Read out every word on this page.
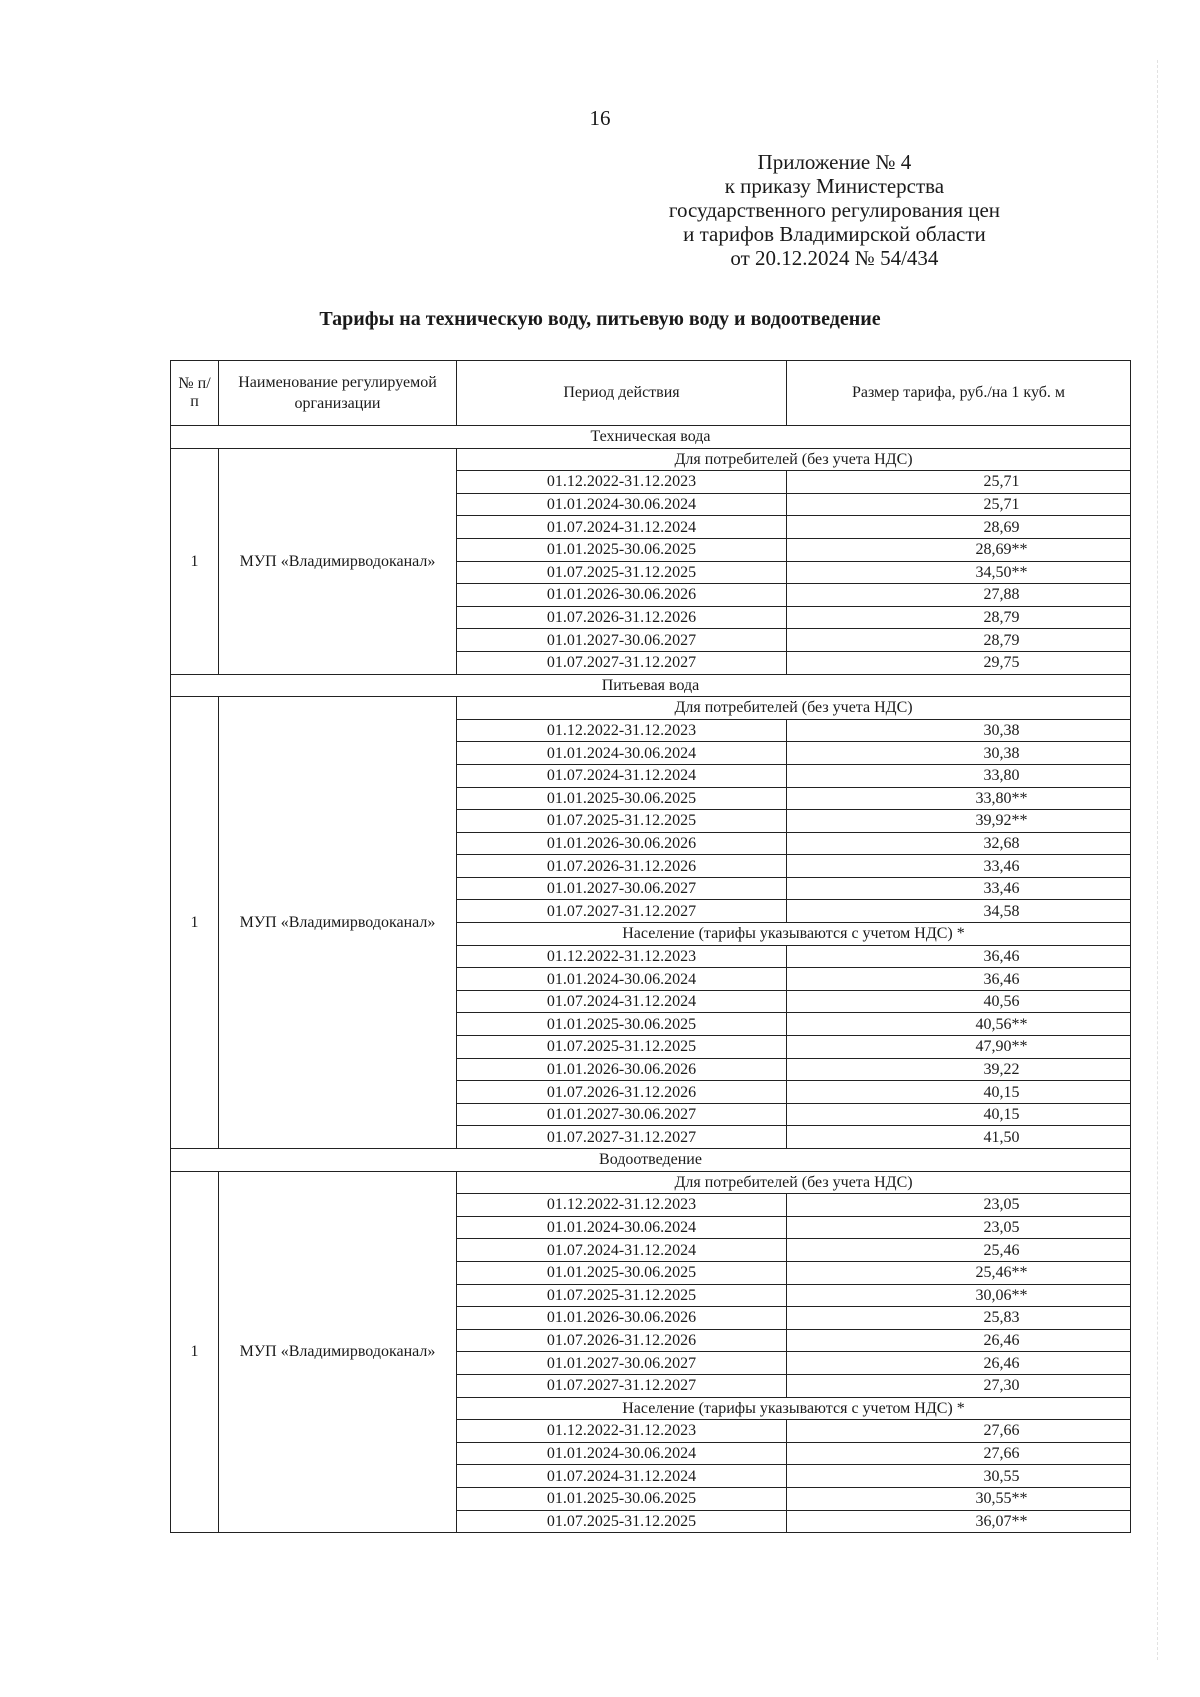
16
Приложение № 4
к приказу Министерства
государственного регулирования цен
и тарифов Владимирской области
от 20.12.2024 № 54/434
Тарифы на техническую воду, питьевую воду и водоотведение
№ п/п	Наименование регулируемой организации	Период действия	Размер тарифа, руб./на 1 куб. м
Техническая вода			
1	МУП «Владимирводоканал»	Для потребителей (без учета НДС)	
		01.12.2022-31.12.2023	25,71
		01.01.2024-30.06.2024	25,71
		01.07.2024-31.12.2024	28,69
		01.01.2025-30.06.2025	28,69**
		01.07.2025-31.12.2025	34,50**
		01.01.2026-30.06.2026	27,88
		01.07.2026-31.12.2026	28,79
		01.01.2027-30.06.2027	28,79
		01.07.2027-31.12.2027	29,75
Питьевая вода			
1	МУП «Владимирводоканал»	Для потребителей (без учета НДС)	
		01.12.2022-31.12.2023	30,38
		01.01.2024-30.06.2024	30,38
		01.07.2024-31.12.2024	33,80
		01.01.2025-30.06.2025	33,80**
		01.07.2025-31.12.2025	39,92**
		01.01.2026-30.06.2026	32,68
		01.07.2026-31.12.2026	33,46
		01.01.2027-30.06.2027	33,46
		01.07.2027-31.12.2027	34,58
		Население (тарифы указываются с учетом НДС) *	
		01.12.2022-31.12.2023	36,46
		01.01.2024-30.06.2024	36,46
		01.07.2024-31.12.2024	40,56
		01.01.2025-30.06.2025	40,56**
		01.07.2025-31.12.2025	47,90**
		01.01.2026-30.06.2026	39,22
		01.07.2026-31.12.2026	40,15
		01.01.2027-30.06.2027	40,15
		01.07.2027-31.12.2027	41,50
Водоотведение			
1	МУП «Владимирводоканал»	Для потребителей (без учета НДС)	
		01.12.2022-31.12.2023	23,05
		01.01.2024-30.06.2024	23,05
		01.07.2024-31.12.2024	25,46
		01.01.2025-30.06.2025	25,46**
		01.07.2025-31.12.2025	30,06**
		01.01.2026-30.06.2026	25,83
		01.07.2026-31.12.2026	26,46
		01.01.2027-30.06.2027	26,46
		01.07.2027-31.12.2027	27,30
		Население (тарифы указываются с учетом НДС) *	
		01.12.2022-31.12.2023	27,66
		01.01.2024-30.06.2024	27,66
		01.07.2024-31.12.2024	30,55
		01.01.2025-30.06.2025	30,55**
		01.07.2025-31.12.2025	36,07**
